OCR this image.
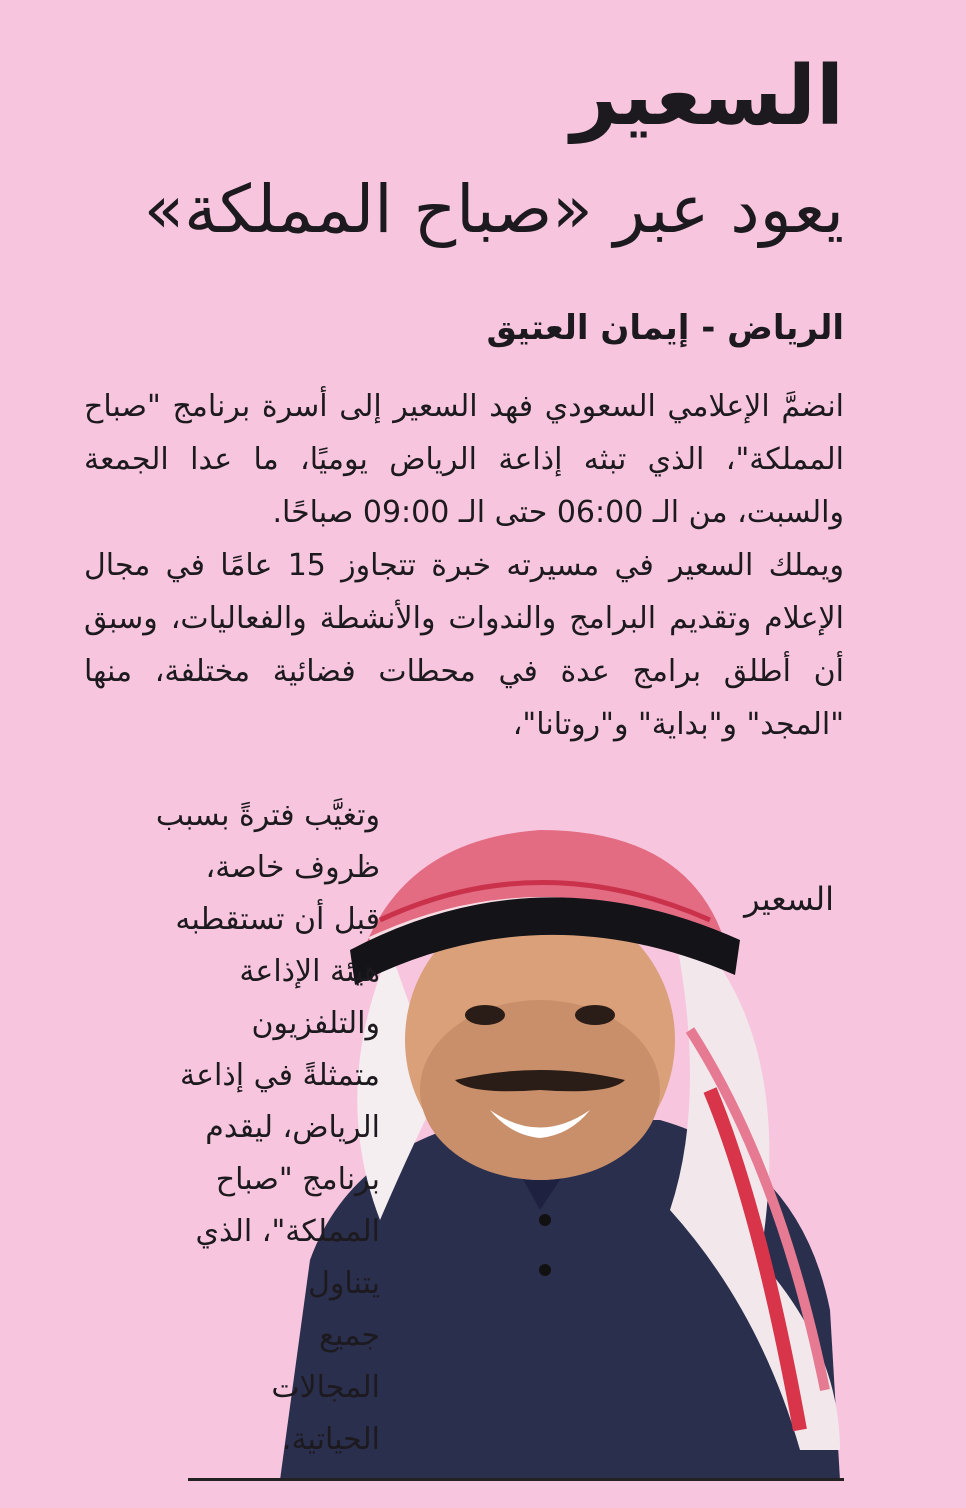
السعير
يعود عبر «صباح المملكة»
الرياض - إيمان العتيق

انضمَّ الإعلامي السعودي فهد السعير إلى أسرة برنامج "صباح المملكة"، الذي تبثه إذاعة الرياض يوميًا، ما عدا الجمعة والسبت، من الـ 06:00 حتى الـ 09:00 صباحًا.

ويملك السعير في مسيرته خبرة تتجاوز 15 عامًا في مجال الإعلام وتقديم البرامج والندوات والأنشطة والفعاليات، وسبق أن أطلق برامج عدة في محطات فضائية مختلفة، منها "المجد" و"بداية" و"روتانا"،

وتغيَّب فترةً بسبب
ظروف خاصة،
قبل أن تستقطبه
هيئة الإذاعة
والتلفزيون
متمثلةً في إذاعة
الرياض، ليقدم
برنامج "صباح
المملكة"، الذي
يتناول
جميع
المجالات
الحياتية.
السعير
